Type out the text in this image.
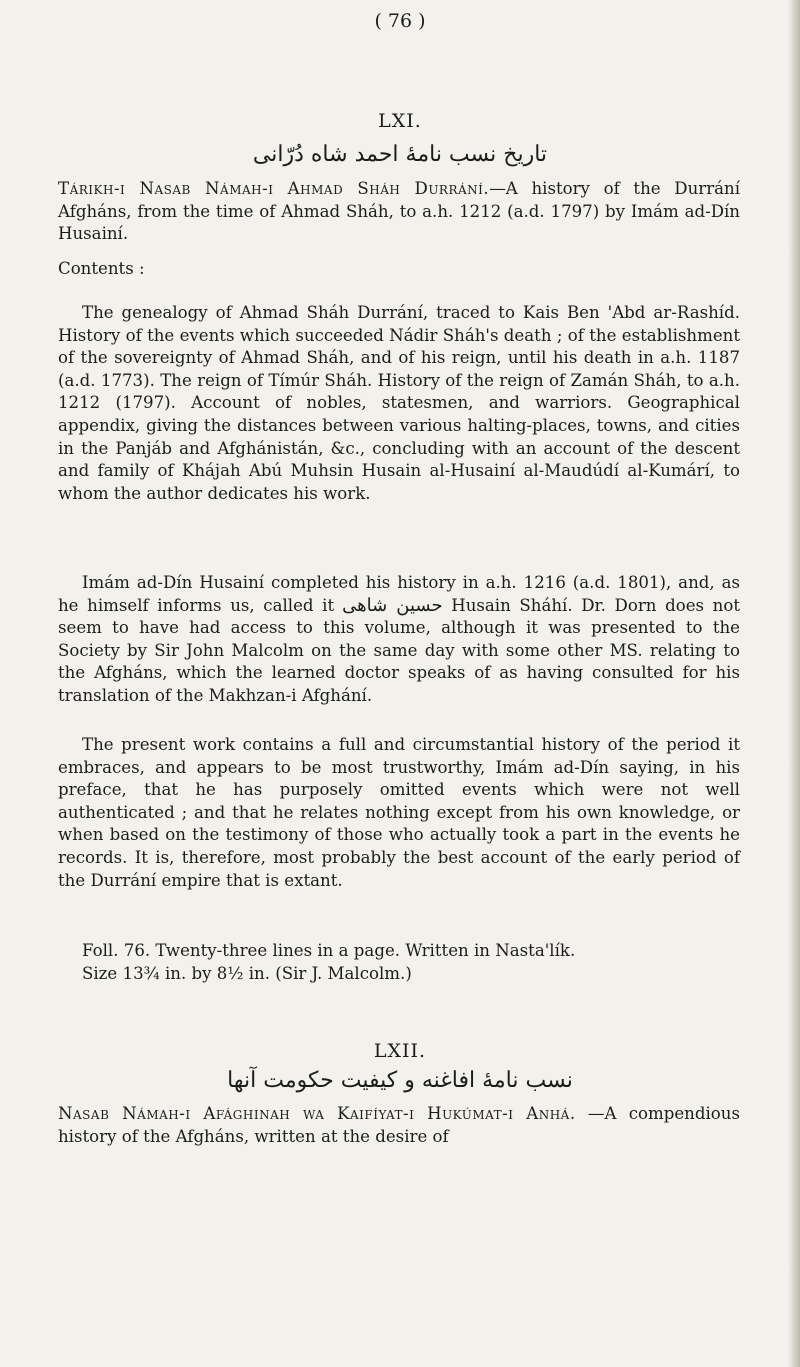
( 76 )
LXI.
تاریخ نسب نامهٔ احمد شاه دُرّانی
Tárikh-i Nasab Námah-i Ahmad Sháh Durrání.—A history of the Durrání Afgháns, from the time of Ahmad Sháh, to a.h. 1212 (a.d. 1797) by Imám ad-Dín Husainí.
Contents :
The genealogy of Ahmad Sháh Durrání, traced to Kais Ben 'Abd ar-Rashíd. History of the events which succeeded Nádir Sháh's death ; of the establishment of the sovereignty of Ahmad Sháh, and of his reign, until his death in a.h. 1187 (a.d. 1773). The reign of Tímúr Sháh. History of the reign of Zamán Sháh, to a.h. 1212 (1797). Account of nobles, statesmen, and warriors. Geographical appendix, giving the distances between various halting-places, towns, and cities in the Panjáb and Afghánistán, &c., concluding with an account of the descent and family of Khájah Abú Muhsin Husain al-Husainí al-Maudúdí al-Kumárí, to whom the author dedicates his work.
Imám ad-Dín Husainí completed his history in a.h. 1216 (a.d. 1801), and, as he himself informs us, called it حسین شاهی Husain Sháhí. Dr. Dorn does not seem to have had access to this volume, although it was presented to the Society by Sir John Malcolm on the same day with some other MS. relating to the Afgháns, which the learned doctor speaks of as having consulted for his translation of the Makhzan-i Afghání.
The present work contains a full and circumstantial history of the period it embraces, and appears to be most trustworthy, Imám ad-Dín saying, in his preface, that he has purposely omitted events which were not well authenticated ; and that he relates nothing except from his own knowledge, or when based on the testimony of those who actually took a part in the events he records. It is, therefore, most probably the best account of the early period of the Durrání empire that is extant.
Foll. 76. Twenty-three lines in a page. Written in Nasta'lík.
Size 13¾ in. by 8½ in. (Sir J. Malcolm.)
LXII.
نسب نامهٔ افاغنه و کیفیت حکومت آنها
Nasab Námah-i Afághinah wa Kaifíyat-i Hukúmat-i Anhá. —A compendious history of the Afgháns, written at the desire of
